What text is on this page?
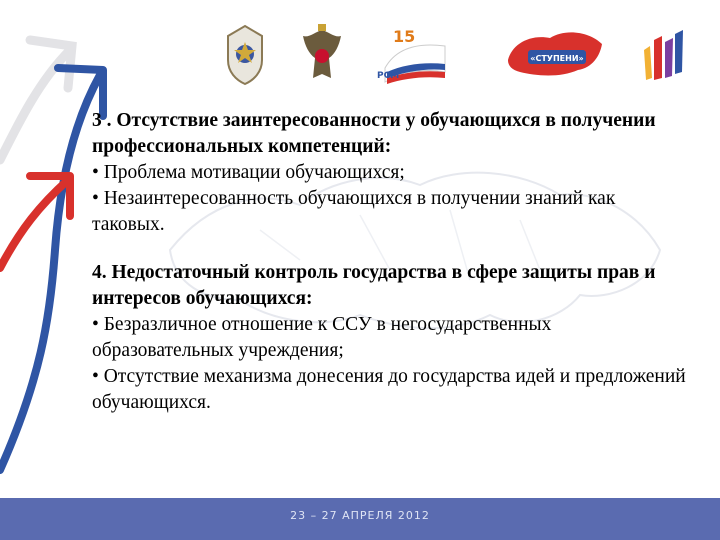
15
РСМ
«СТУПЕНИ»
3 . Отсутствие заинтересованности у обучающихся в получении профессиональных компетенций:
• Проблема мотивации обучающихся;
• Незаинтересованность обучающихся в получении знаний как таковых.
4. Недостаточный контроль государства в сфере защиты прав и интересов обучающихся:
• Безразличное отношение к ССУ в негосударственных образовательных учреждения;
• Отсутствие механизма донесения до государства идей и предложений обучающихся.
23 – 27 АПРЕЛЯ 2012
